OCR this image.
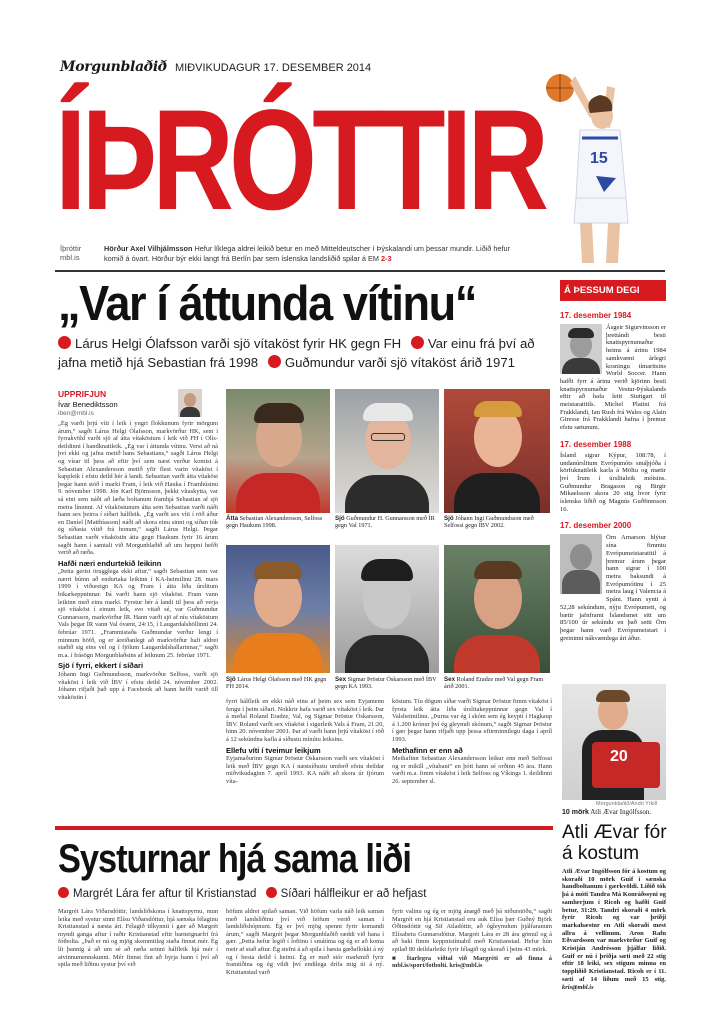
Morgunblaðið MIÐVIKUDAGUR 17. DESEMBER 2014
ÍÞRÓTTIR	15
Íþróttir
mbl.is
Hörður Axel Vilhjálmsson Hefur líklega aldrei leikið betur en með Mitteldeutscher í Þýskalandi um þessar mundir. Liðið hefur komið á óvart. Hörður býr ekki langt frá Berlín þar sem íslenska landsliðið spilar á EM 2-3
„Var í áttunda vítinu“
Lárus Helgi Ólafsson varði sjö vítaköst fyrir HK gegn FH Var einu frá því að jafna metið hjá Sebastian frá 1998 Guðmundur varði sjö vítaköst árið 1971
UPPRIFJUN
Ívar Benediktsson
iben@mbl.is

„Ég varði þrjú víti í leik í yngri flokkunum fyrir mörgum árum,“ sagði Lárus Helgi Ólafsson, markvörður HK, sem í fyrrakvöld varði sjö af átta vítaköstum í leik við FH í Olís-deildinni í handknattleik. „Ég var í áttunda vítinu. Verst að ná því ekki og jafna metið hans Sebastians,“ sagði Lárus Helgi og vísar til þess að eftir því sem næst verður komist á Sebastian Alexandersson metið yfir flest varin vítaköst í kappleik í efstu deild hér á landi. Sebastian varði átta vítaköst þegar hann stóð í marki Fram, í leik við Hauka í Framhúsinu 9. nóvember 1998. Jón Karl Björnsson, þekkt vítaskytta, var sá eini sem náði að læða boltanum framhjá Sebastian af sjö metra línunni. Af vítaköstunum átta sem Sebastian varði náði hann sex þeirra í síðari hálfleik. „Ég varði sex víti í röð áður en Daníel [Matthíasson] náði að skora einu sinni og síðan tók ég síðasta vítið frá honum,“ sagði Lárus Helgi. Þegar Sebastian varði vítaköstin átta gegn Haukum fyrir 16 árum sagði hann í samtali við Morgunblaðið að um heppni hefði verið að ræða.

Hafði næri endurtekið leikinn

„Þetta gerist örugglega ekki aftur,“ sagði Sebastian sem var nærri búinn að endurtaka leikinn í KA-heimilinu 28. mars 1999 í viðureign KA og Fram í átta liða úrslitum bikarkeppninnar. Þá varði hann sjö vítaköst. Fram vann leikinn með einu marki. Fyrstur hér á landi til þess að verja sjö vítaköst í einum leik, svo vitað sé, var Guðmundur Gunnarsson, markvörður ÍR. Hann varði sjö af níu vítaköstum Vals þegar ÍR vann Val óvænt, 24:15, í Laugardalshöllinni 24. febrúar 1971. „Frammistaða Guðmundar verður lengi í minnum höfð, og er áreiðanlegt að markvörður hafi aldrei staðið sig eins vel og í fjölum Laugardalshallarinnar,“ sagði m.a. í frásögn Morgunblaðsins af leiknum 25. febrúar 1971.

Sjö í fyrri, ekkert í síðari

Jóhann Ingi Guðmundsson, markvörður Selfoss, varði sjö vítaköst í leik við ÍBV í efstu deild 24. nóvember 2002. Jóhann rifjaði það upp á Facebook að hann hefði varið öll vítaköstin í

Átta Sebastian Alexandersson, Selfoss gegn Haukum 1998.
Sjö Guðmundur H. Gunnarsson með ÍR gegn Val 1971.
Sjö Jóhann Ingi Guðmundsson með Selfossi gegn ÍBV 2002.
Sjö Lárus Helgi Ólafsson með HK gegn FH 2014.
Sex Sigmar Þröstur Óskarsson með ÍBV gegn KA 1993.
Sex Roland Eradze með Val gegn Fram árið 2001.

fyrri hálfleik en ekki náð einu af þeim sex sem Eyjamenn fengu í þeim síðari. Nokkrir hafa varið sex vítaköst í leik. Þar á meðal Roland Eradze, Val, og Sigmar Þröstur Óskarsson, ÍBV. Roland varði sex vítaköst í sigurleik Vals á Fram, 21:20, hinn 20. nóvember 2001. Þar af varði hann þrjú vítaköst í röð á 12 sekúndna kafla á síðustu mínútu leiksins.

Ellefu víti í tveimur leikjum

Eyjamaðurinn Sigmar Þröstur Óskarsson varði sex vítaköst í leik með ÍBV gegn KA í næstsíðustu umferð efstu deildar miðvikudaginn 7. apríl 1993. KA náði að skora úr fjórum víta-

köstum. Tíu dögum síðar varði Sigmar Þröstur fimm vítaköst í fyrsta leik átta liða úrslitakeppninnar gegn Val í Valsheimilinu. „Þurna var ég í skóm sem ég keypti í Hagkaup á 1.200 krónur því ég gleymdi skónum,“ sagði Sigmar Þröstur í gær þegar hann rifjaði upp þessa eftirminnilegu daga í apríl 1993.

Methafinn er enn að

Methafinn Sebastian Alexandersson leikur enn með Selfossi og er mikill „vítabani“ en þótt hann sé orðinn 45 ára. Hann varði m.a. fimm vítaköst í leik Selfoss og Víkings 1. deildinni 26. september sl.

Á ÞESSUM DEGI
17. desember 1984
Ásgeir Sigurvinsson er þrettándi besti knattspyrnumaður heims á árinu 1984 samkvæmt árlegri kosningu tímaritsins World Soccer. Hann hafði fyrr á árinu verið kjörinn besti knattspyrnumaður Vestur-Þýskalands eftir að hafa leitt Stuttgart til meistaratitils. Michel Platini frá Frakklandi, Ian Rush frá Wales og Alain Giresse frá Frakklandi hafna í þremur efstu sætunum.
17. desember 1988
Ísland sigrar Kýpur, 108:78, í undanúrslitum Evrópumóts smáþjóða í körfuknattleik karla á Möltu og mætir því Írum í úrslitaleik mótsins. Guðmundur Bragason og Birgir Mikaelsson skora 20 stig hvor fyrir íslenska liðið og Magnús Guðfinnsson 16.
17. desember 2000
Örn Arnarson hlýtur sína fimmtu Evrópumeistaratitil á þremur árum þegar hann sigrar í 100 metra baksundi á Evrópumótinu í 25 metra laug í Valencia á Spáni. Hann synti á 52,28 sekúndum, nýju Evrópumeti, og bætir jafnframt Íslandsmet sitt um 85/100 úr sekúndu en það setti Örn þegar hann varð Evrópumeistari í greininni nákvæmlega ári áður.
20
Morgunblaðið/Andri Yrkill
10 mörk Atli Ævar Ingólfsson.
Atli Ævar fór á kostum
Atli Ævar Ingólfsson fór á kostum og skoraði 10 mörk Guif í sænska handboltanum í gærkvöldi. Liðið tók þá á móti Tandra Má Konráðssyni og samherjum í Ricoh og hafði Guif betur, 31:29. Tandri skoraði 4 mörk fyrir Ricoh og var þriðji markahæstur en Atli skoraði mest allra á vellinum. Aron Rafn Eðvardsson var markvörður Guif og Kristján Andrésson þjálfar liðið. Guif er nú í þriðja sæti með 22 stig eftir 18 leiki, sex stigum minna en toppliðið Kristianstad. Ricoh er í 11. sæti af 14 liðum með 15 stig. kris@mbl.is
Systurnar hjá sama liði
Margrét Lára fer aftur til Kristianstad Síðari hálfleikur er að hefjast

Margrét Lára Viðarsdóttir, landsliðskona í knattspyrnu, mun leika með systur sinni Elísu Viðarsdóttur, hjá sænska félaginu Kristianstad á næsta ári. Félagið tilkynnti í gær að Margrét myndi ganga aftur í raðir Kristianstad eftir barneignarfrí frá fótbolta. „Það er nú og mjög skemmtileg staða finnst mér. Ég lít þannig á að um sé að ræða seinni hálfleik hjá mér í atvinnumennskunni. Mér finnst fínt að byrja hann í því að spila með liðinu systur því við

höfum aldrei spilað saman. Við höfum varla náð leik saman með landsliðinu því við höfum verið saman í landsliðshópnum. Ég er því mjög spennt fyrir komandi árum,“ sagði Margrét þegar Morgunblaðið ræddi við hana í gær. „Þetta hefur legið í loftinu í smátíma og ég er að koma meir af stað aftur. Ég stefni á að spila í hæsta gæðaflokki á ný og í besta deild í heimi. Ég er með stór markmið fyrir framtíðina og ég vildi því endilega drífa mig út á ný. Kristianstad varð

fyrir valinu og ég er mjög ánægð með þá niðurstöðu,“ sagði Margrét en hjá Kristianstad eru auk Elísu þær Guðný Björk Óðinsdóttir og Sif Atladóttir, að ógleymdum þjálfaranum Elísabetu Gunnarsdóttur. Margrét Lára er 28 ára gömul og á að baki fimm keppnistímabil með Kristianstad. Hefur hún spilað 80 deildarleiki fyrir félagið og skorað í þeim 43 mörk.

■ Ítarlegra viðtal við Margréti er að finna á mbl.is/sport/fotbolti. kris@mbl.is
